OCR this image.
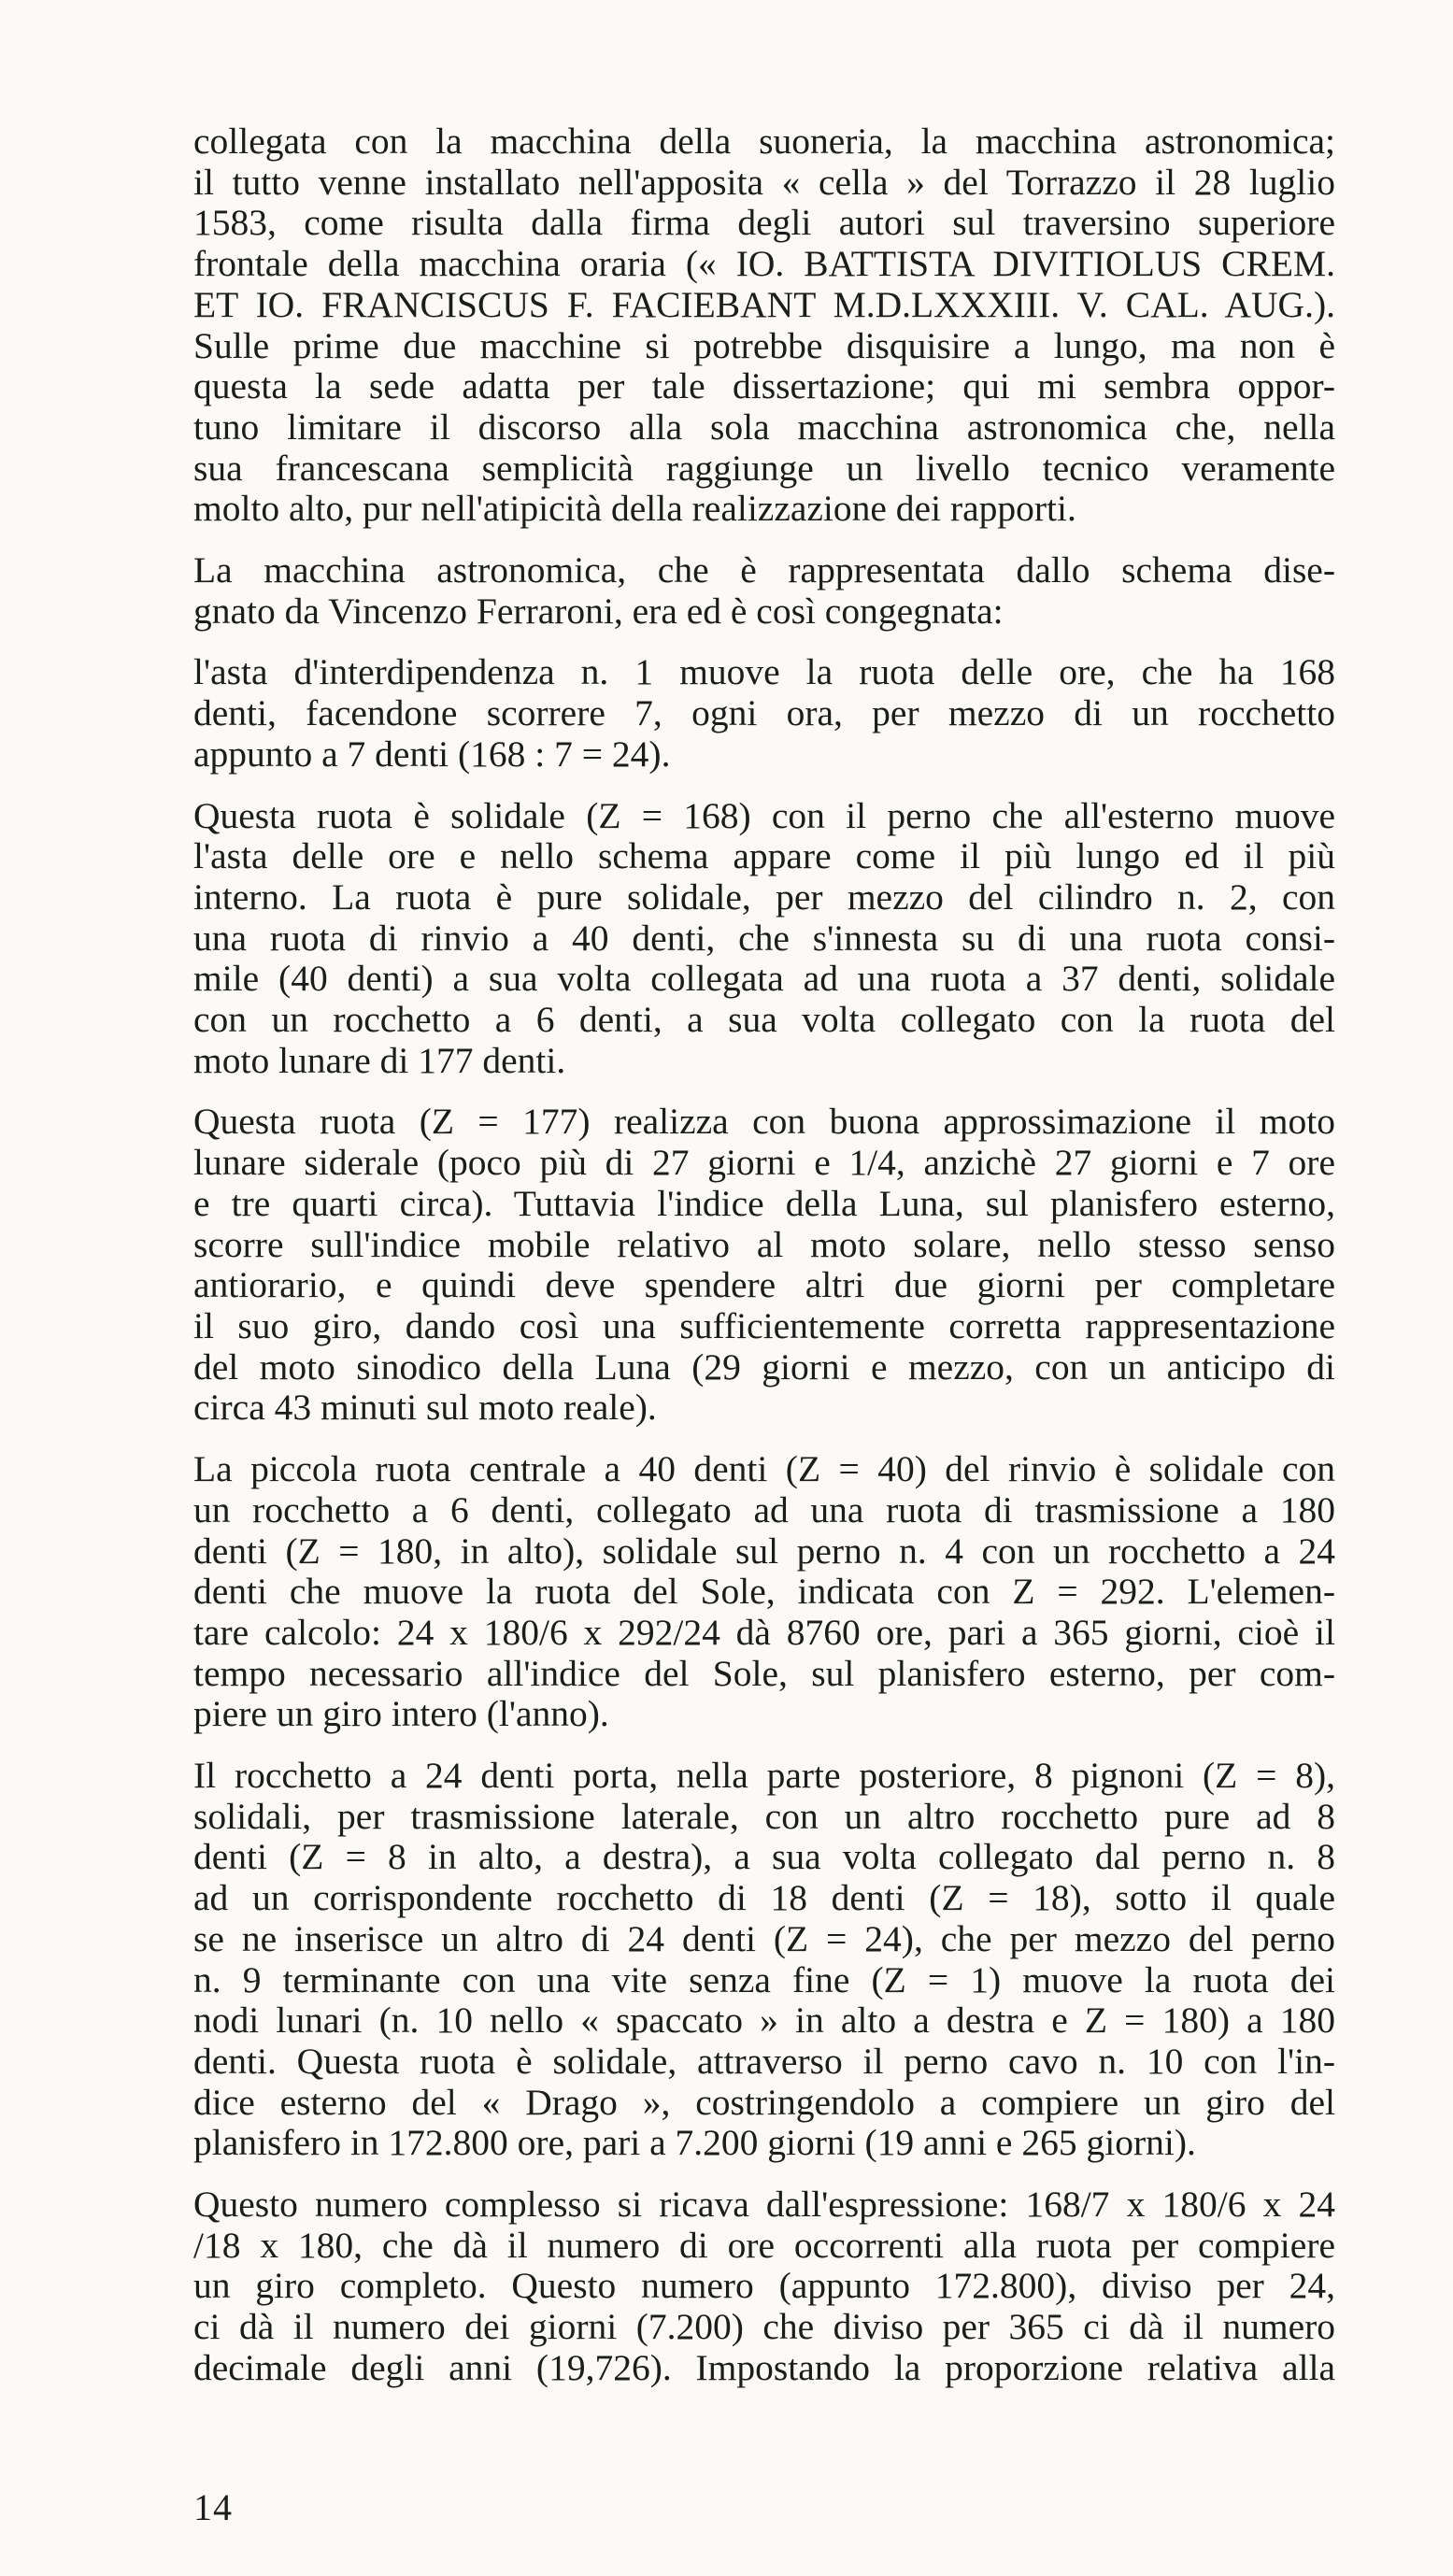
collegata con la macchina della suoneria, la macchina astronomica;
il tutto venne installato nell'apposita « cella » del Torrazzo il 28 luglio
1583, come risulta dalla firma degli autori sul traversino superiore
frontale della macchina oraria (« IO. BATTISTA DIVITIOLUS CREM.
ET IO. FRANCISCUS F. FACIEBANT M.D.LXXXIII. V. CAL. AUG.).
Sulle prime due macchine si potrebbe disquisire a lungo, ma non è
questa la sede adatta per tale dissertazione; qui mi sembra oppor-
tuno limitare il discorso alla sola macchina astronomica che, nella
sua francescana semplicità raggiunge un livello tecnico veramente
molto alto, pur nell'atipicità della realizzazione dei rapporti.
La macchina astronomica, che è rappresentata dallo schema dise-
gnato da Vincenzo Ferraroni, era ed è così congegnata:
l'asta d'interdipendenza n. 1 muove la ruota delle ore, che ha 168
denti, facendone scorrere 7, ogni ora, per mezzo di un rocchetto
appunto a 7 denti (168 : 7 = 24).
Questa ruota è solidale (Z = 168) con il perno che all'esterno muove
l'asta delle ore e nello schema appare come il più lungo ed il più
interno. La ruota è pure solidale, per mezzo del cilindro n. 2, con
una ruota di rinvio a 40 denti, che s'innesta su di una ruota consi-
mile (40 denti) a sua volta collegata ad una ruota a 37 denti, solidale
con un rocchetto a 6 denti, a sua volta collegato con la ruota del
moto lunare di 177 denti.
Questa ruota (Z = 177) realizza con buona approssimazione il moto
lunare siderale (poco più di 27 giorni e 1/4, anzichè 27 giorni e 7 ore
e tre quarti circa). Tuttavia l'indice della Luna, sul planisfero esterno,
scorre sull'indice mobile relativo al moto solare, nello stesso senso
antiorario, e quindi deve spendere altri due giorni per completare
il suo giro, dando così una sufficientemente corretta rappresentazione
del moto sinodico della Luna (29 giorni e mezzo, con un anticipo di
circa 43 minuti sul moto reale).
La piccola ruota centrale a 40 denti (Z = 40) del rinvio è solidale con
un rocchetto a 6 denti, collegato ad una ruota di trasmissione a 180
denti (Z = 180, in alto), solidale sul perno n. 4 con un rocchetto a 24
denti che muove la ruota del Sole, indicata con Z = 292. L'elemen-
tare calcolo: 24 x 180/6 x 292/24 dà 8760 ore, pari a 365 giorni, cioè il
tempo necessario all'indice del Sole, sul planisfero esterno, per com-
piere un giro intero (l'anno).
Il rocchetto a 24 denti porta, nella parte posteriore, 8 pignoni (Z = 8),
solidali, per trasmissione laterale, con un altro rocchetto pure ad 8
denti (Z = 8 in alto, a destra), a sua volta collegato dal perno n. 8
ad un corrispondente rocchetto di 18 denti (Z = 18), sotto il quale
se ne inserisce un altro di 24 denti (Z = 24), che per mezzo del perno
n. 9 terminante con una vite senza fine (Z = 1) muove la ruota dei
nodi lunari (n. 10 nello « spaccato » in alto a destra e Z = 180) a 180
denti. Questa ruota è solidale, attraverso il perno cavo n. 10 con l'in-
dice esterno del « Drago », costringendolo a compiere un giro del
planisfero in 172.800 ore, pari a 7.200 giorni (19 anni e 265 giorni).
Questo numero complesso si ricava dall'espressione: 168/7 x 180/6 x 24
/18 x 180, che dà il numero di ore occorrenti alla ruota per compiere
un giro completo. Questo numero (appunto 172.800), diviso per 24,
ci dà il numero dei giorni (7.200) che diviso per 365 ci dà il numero
decimale degli anni (19,726). Impostando la proporzione relativa alla
14
